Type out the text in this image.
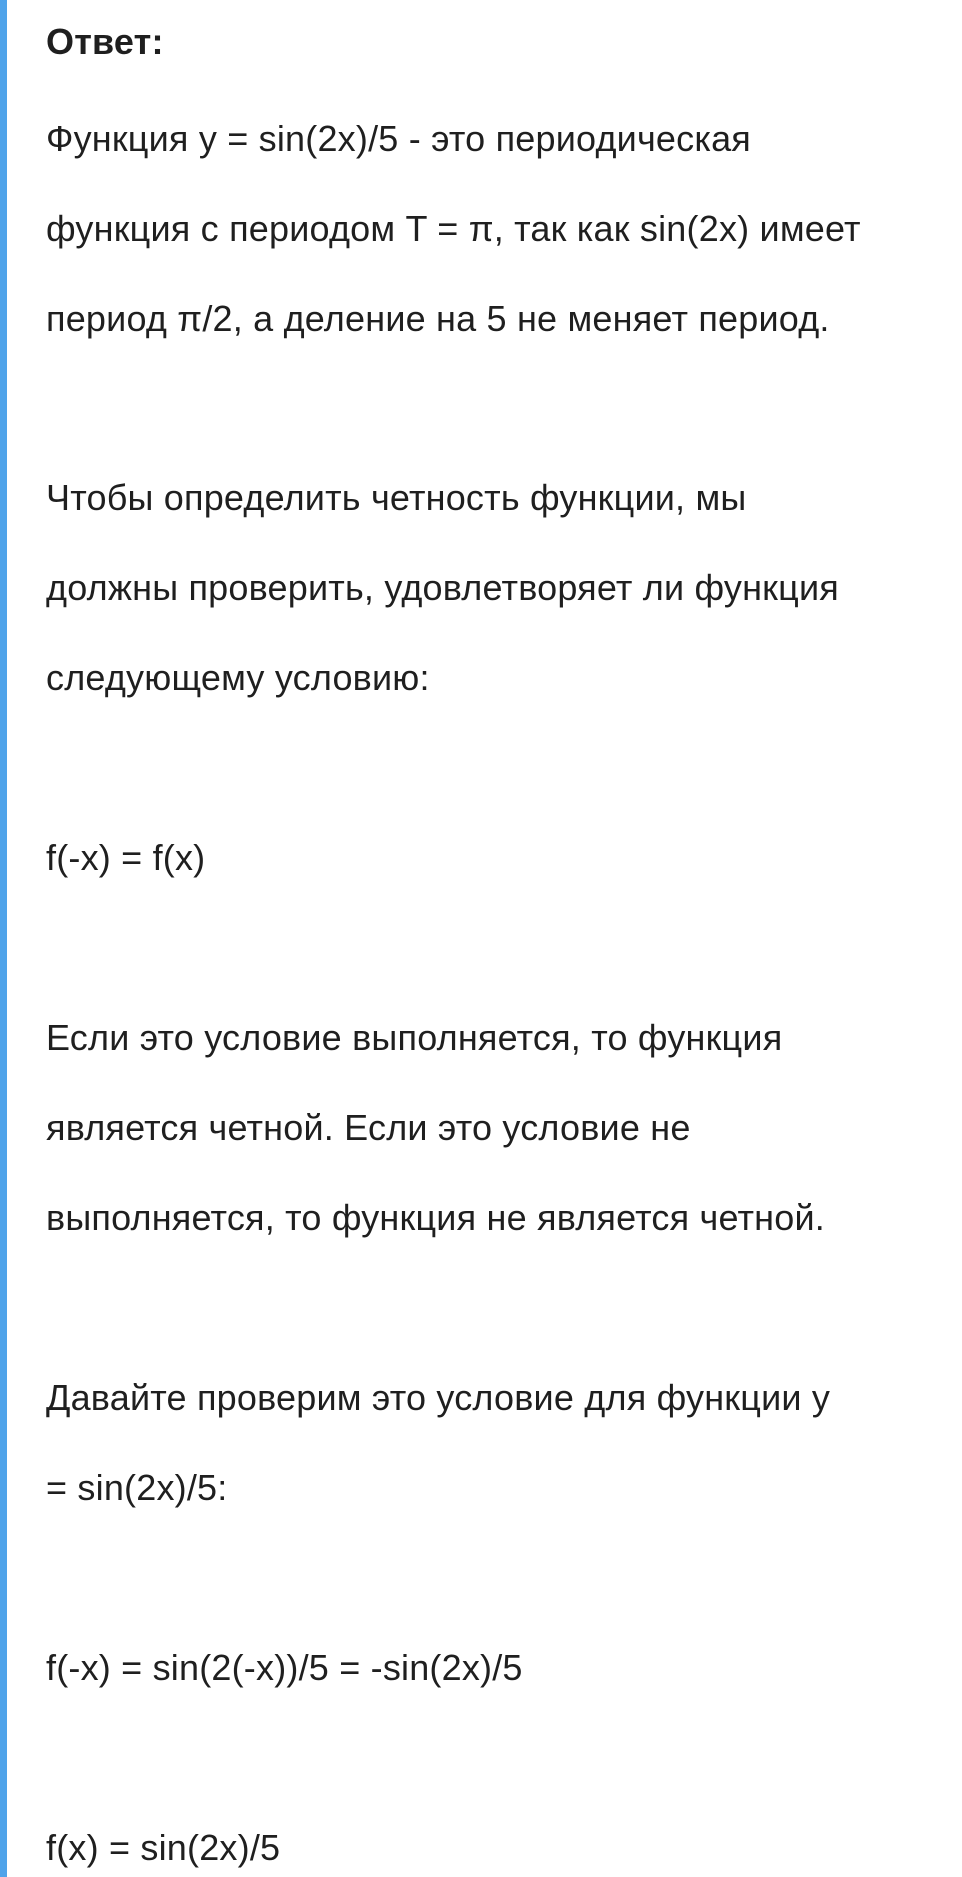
Ответ:
Функция y = sin(2x)/5 - это периодическая
функция с периодом T = π, так как sin(2x) имеет
период π/2, а деление на 5 не меняет период.
Чтобы определить четность функции, мы
должны проверить, удовлетворяет ли функция
следующему условию:
f(-x) = f(x)
Если это условие выполняется, то функция
является четной. Если это условие не
выполняется, то функция не является четной.
Давайте проверим это условие для функции y
= sin(2x)/5:
f(-x) = sin(2(-x))/5 = -sin(2x)/5
f(x) = sin(2x)/5
